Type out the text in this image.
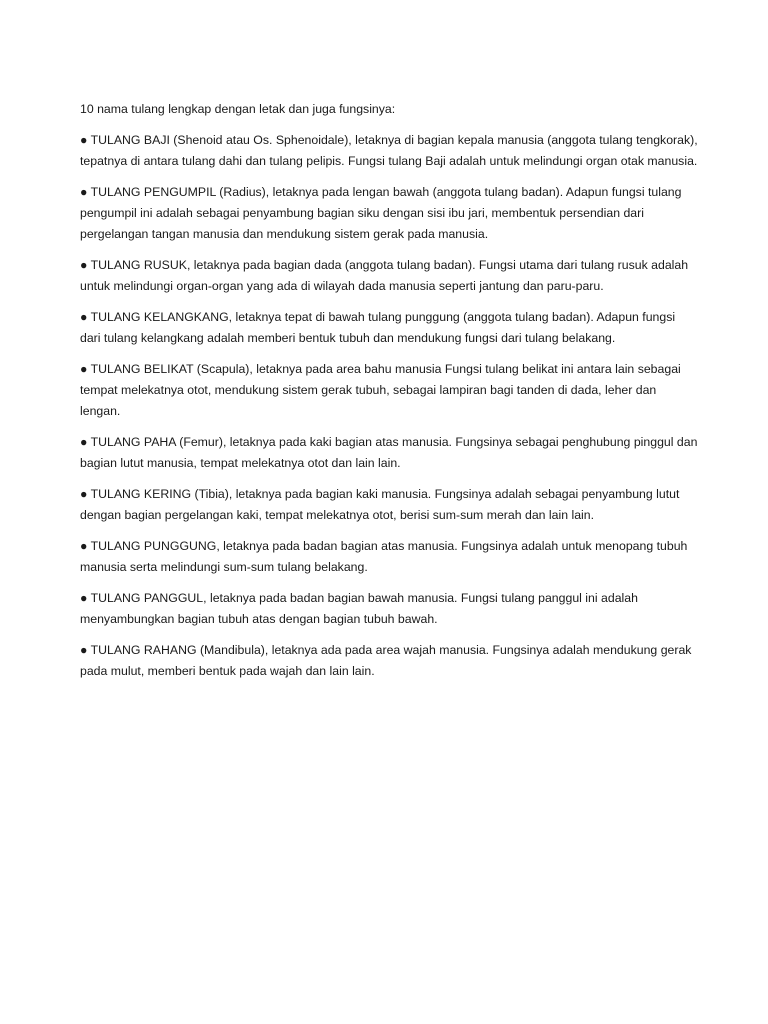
10 nama tulang lengkap dengan letak dan juga fungsinya:

● TULANG BAJI (Shenoid atau Os. Sphenoidale), letaknya di bagian kepala manusia (anggota tulang tengkorak), tepatnya di antara tulang dahi dan tulang pelipis. Fungsi tulang Baji adalah untuk melindungi organ otak manusia.

● TULANG PENGUMPIL (Radius), letaknya pada lengan bawah (anggota tulang badan). Adapun fungsi tulang pengumpil ini adalah sebagai penyambung bagian siku dengan sisi ibu jari, membentuk persendian dari pergelangan tangan manusia dan mendukung sistem gerak pada manusia.

● TULANG RUSUK, letaknya pada bagian dada (anggota tulang badan). Fungsi utama dari tulang rusuk adalah untuk melindungi organ-organ yang ada di wilayah dada manusia seperti jantung dan paru-paru.

● TULANG KELANGKANG, letaknya tepat di bawah tulang punggung (anggota tulang badan). Adapun fungsi dari tulang kelangkang adalah memberi bentuk tubuh dan mendukung fungsi dari tulang belakang.

● TULANG BELIKAT (Scapula), letaknya pada area bahu manusia Fungsi tulang belikat ini antara lain sebagai tempat melekatnya otot, mendukung sistem gerak tubuh, sebagai lampiran bagi tanden di dada, leher dan lengan.

● TULANG PAHA (Femur), letaknya pada kaki bagian atas manusia. Fungsinya sebagai penghubung pinggul dan bagian lutut manusia, tempat melekatnya otot dan lain lain.

● TULANG KERING (Tibia), letaknya pada bagian kaki manusia. Fungsinya adalah sebagai penyambung lutut dengan bagian pergelangan kaki, tempat melekatnya otot, berisi sum-sum merah dan lain lain.

● TULANG PUNGGUNG, letaknya pada badan bagian atas manusia. Fungsinya adalah untuk menopang tubuh manusia serta melindungi sum-sum tulang belakang.

● TULANG PANGGUL, letaknya pada badan bagian bawah manusia. Fungsi tulang panggul ini adalah menyambungkan bagian tubuh atas dengan bagian tubuh bawah.

● TULANG RAHANG (Mandibula), letaknya ada pada area wajah manusia. Fungsinya adalah mendukung gerak pada mulut, memberi bentuk pada wajah dan lain lain.
